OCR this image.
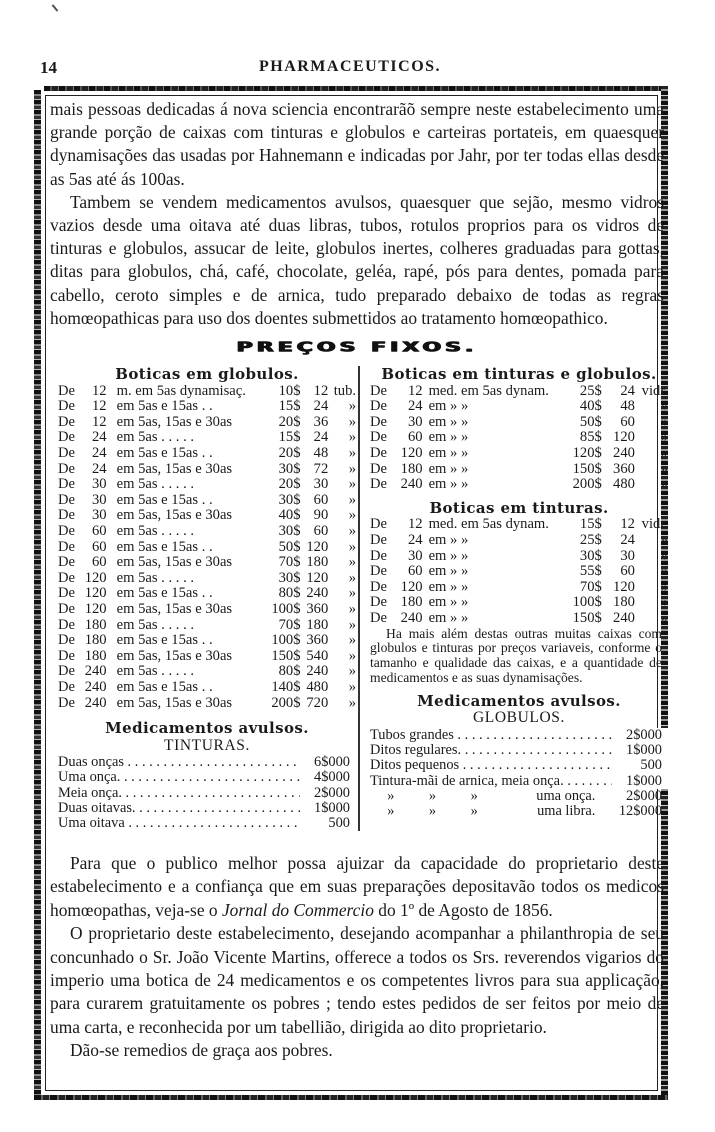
14	PHARMACEUTICOS.

mais pessoas dedicadas á nova sciencia encontrarãõ sempre neste estabelecimento uma grande porção de caixas com tinturas e globulos e carteiras portateis, em quaesquer dynamisações das usadas por Hahnemann e indicadas por Jahr, por ter todas ellas desde as 5as até ás 100as.

Tambem se vendem medicamentos avulsos, quaesquer que sejão, mesmo vidros vazios desde uma oitava até duas libras, tubos, rotulos proprios para os vidros de tinturas e globulos, assucar de leite, globulos inertes, colheres graduadas para gottas, ditas para globulos, chá, café, chocolate, geléa, rapé, pós para dentes, pomada para cabello, ceroto simples e de arnica, tudo preparado debaixo de todas as regras homœopathicas para uso dos doentes submettidos ao tratamento homœopathico.

PREÇOS FIXOS.
Boticas em globulos.
De	12 m. em 5as dynamisaç.	10$ 12 tub.
De	12 em 5as e 15as . .	15$ 24	»
De	12 em 5as, 15as e 30as	20$ 36	»
De	24 em 5as . . . . .	15$ 24	»
De	24 em 5as e 15as . .	20$ 48	»
De	24 em 5as, 15as e 30as	30$ 72	»
De	30 em 5as . . . . .	20$ 30	»
De	30 em 5as e 15as . .	30$ 60	»
De	30 em 5as, 15as e 30as	40$ 90	»
De	60 em 5as . . . . .	30$ 60	»
De	60 em 5as e 15as . .	50$ 120	»
De	60 em 5as, 15as e 30as	70$ 180	»
De 120 em 5as . . . . .	30$ 120	»
De 120 em 5as e 15as . .	80$ 240	»
De 120 em 5as, 15as e 30as	100$ 360	»
De 180 em 5as . . . . .	70$ 180	»
De 180 em 5as e 15as . .	100$ 360	»
De 180 em 5as, 15as e 30as	150$ 540	»
De 240 em 5as . . . . .	80$ 240	»
De 240 em 5as e 15as . .	140$ 480	»
De 240 em 5as, 15as e 30as	200$ 720	»
Medicamentos avulsos.
TINTURAS.
Duas onças . . .	6$000
Uma onça. . . .	4$000
Meia onça. . . .	2$000
Duas oitavas. . . .	1$000
Uma oitava . . .	500
Boticas em tinturas e globulos.
De	12 med. em 5as dynam.	25$	24 vidr.
De	24 em » »	40$	48	»
De	30 em » »	50$	60	»
De	60 em » »	85$ 120	»
De 120 em » »	120$ 240	»
De 180 em » »	150$ 360	»
De 240 em » »	200$ 480	»
Boticas em tinturas.
De	12 med. em 5as dynam.	15$	12 vidr.
De	24 em » »	25$	24	»
De	30 em » »	30$	30	»
De	60 em » »	55$	60	»
De 120 em » »	70$ 120	»
De 180 em » »	100$ 180	»
De 240 em » »	150$ 240	»

Ha mais além destas outras muitas caixas com globulos e tinturas por preços variaveis, conforme o tamanho e qualidade das caixas, e a quantidade de medicamentos e as suas dynamisações.

Medicamentos avulsos.
GLOBULOS.
Tubos grandes . . .	2$000
Ditos regulares. . . .	1$000
Ditos pequenos . . .	500
Tintura-mãi de arnica, meia onça. . . .	1$000
»	»	»	uma onça.	2$000
»	»	»	uma libra.	12$000

Para que o publico melhor possa ajuizar da capacidade do proprietario deste estabelecimento e a confiança que em suas preparações depositavão todos os medicos homœopathas, veja-se o Jornal do Commercio do 1º de Agosto de 1856.

O proprietario deste estabelecimento, desejando acompanhar a philanthropia de seu concunhado o Sr. João Vicente Martins, offerece a todos os Srs. reverendos vigarios do imperio uma botica de 24 medicamentos e os competentes livros para sua applicação, para curarem gratuitamente os pobres ; tendo estes pedidos de ser feitos por meio de uma carta, e reconhecida por um tabellião, dirigida ao dito proprietario.

Dão-se remedios de graça aos pobres.
